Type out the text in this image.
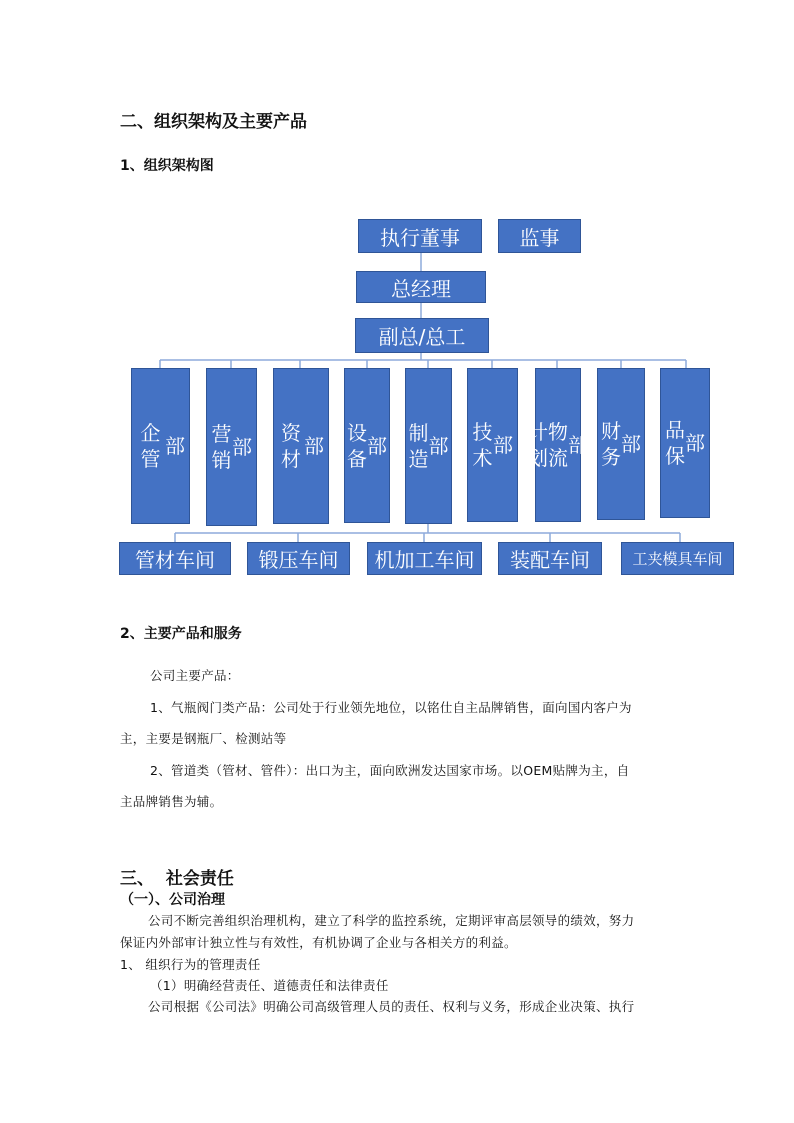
二、组织架构及主要产品
1、组织架构图
执行董事	监事
总经理
副总/总工
企管
部 营销
部
资材
部
设备
部
制造
部
技术
部
计划
物流
部
财务
部
品保
部
管材车间	锻压车间	机加工车间	装配车间	工夹模具车间
2、主要产品和服务
公司主要产品：
1、气瓶阀门类产品：公司处于行业领先地位，以铭仕自主品牌销售，面向国内客户为
主，主要是钢瓶厂、检测站等
2、管道类（管材、管件）：出口为主，面向欧洲发达国家市场。以OEM贴牌为主，自
主品牌销售为辅。
三、  社会责任
（一）、公司治理
公司不断完善组织治理机构，建立了科学的监控系统，定期评审高层领导的绩效，努力
保证内外部审计独立性与有效性，有机协调了企业与各相关方的利益。
1、 组织行为的管理责任
（1）明确经营责任、道德责任和法律责任
公司根据《公司法》明确公司高级管理人员的责任、权利与义务，形成企业决策、执行
